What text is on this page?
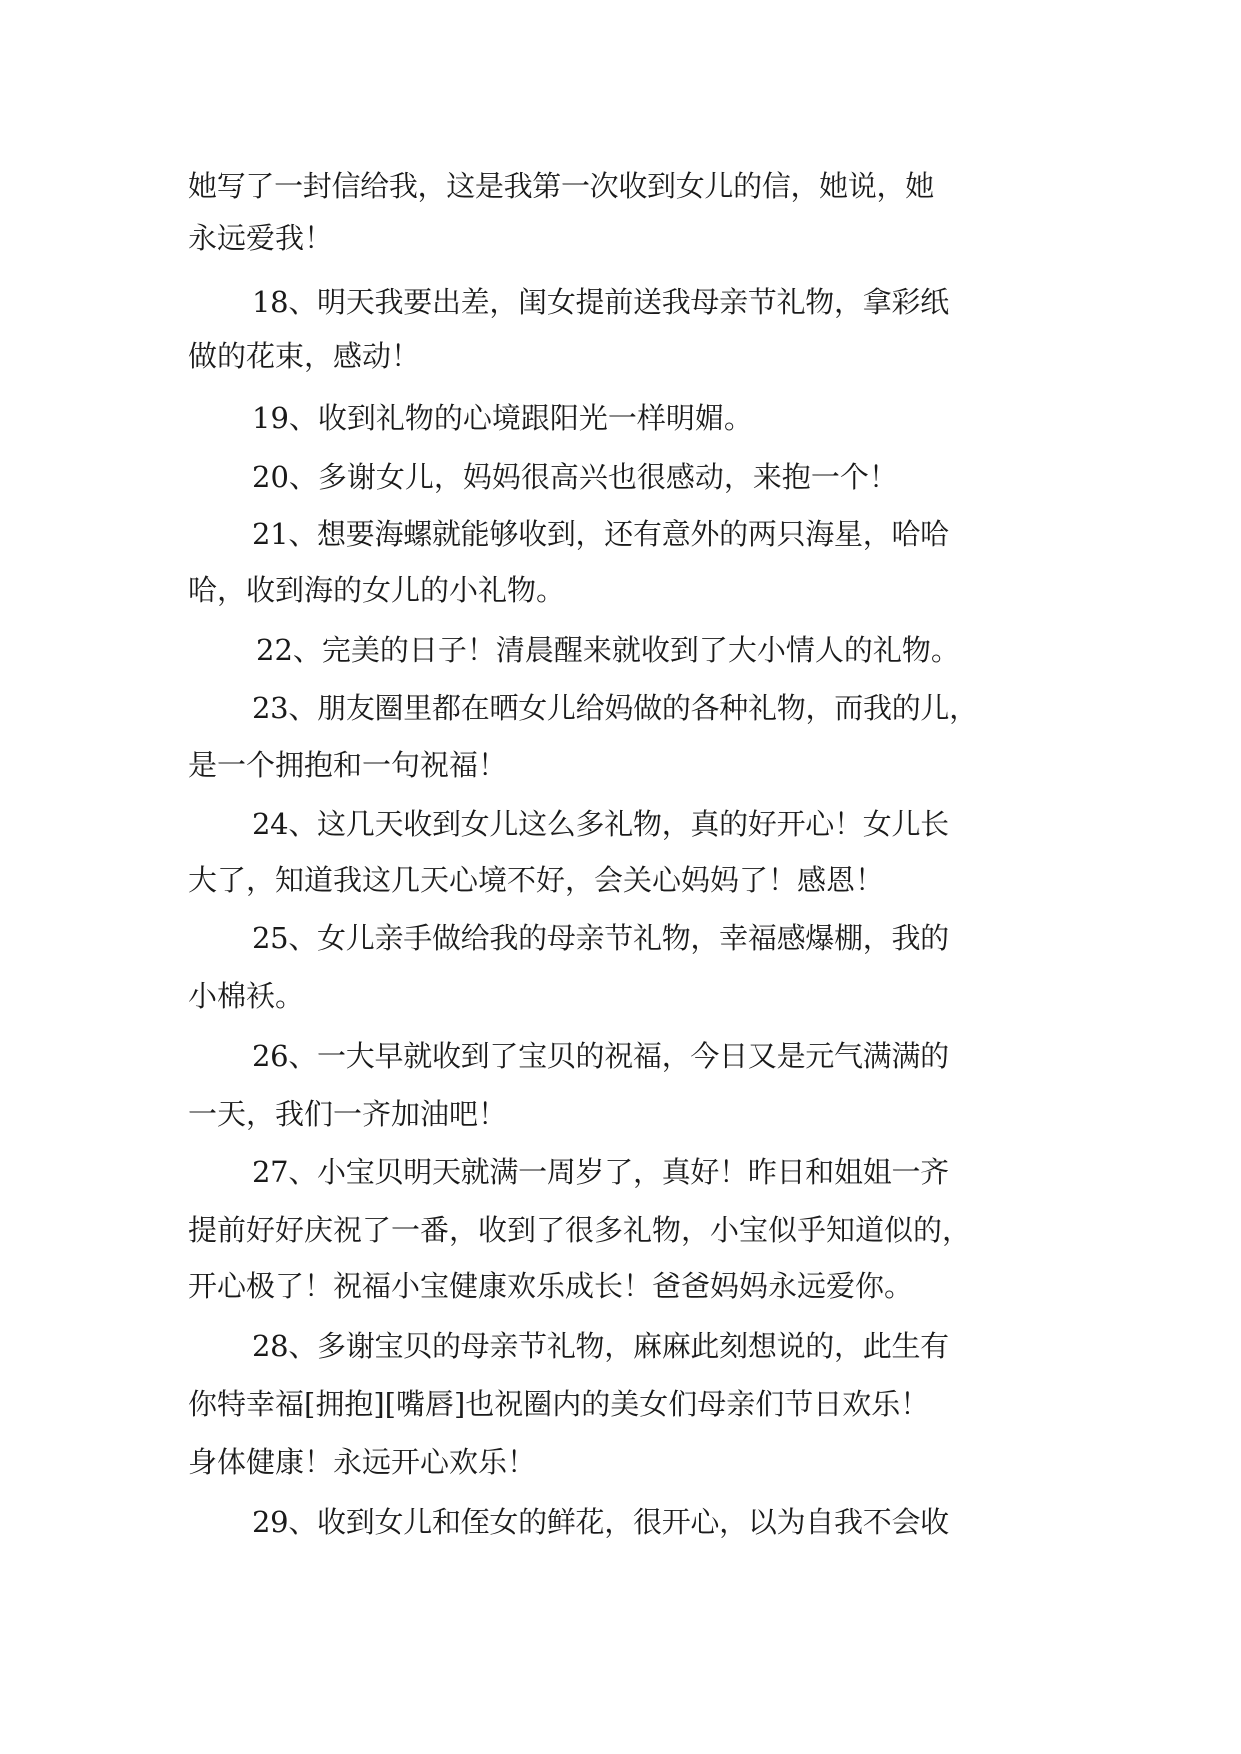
她写了一封信给我，这是我第一次收到女儿的信，她说，她
永远爱我！
18、明天我要出差，闺女提前送我母亲节礼物，拿彩纸
做的花束，感动！
19、收到礼物的心境跟阳光一样明媚。
20、多谢女儿，妈妈很高兴也很感动，来抱一个！
21、想要海螺就能够收到，还有意外的两只海星，哈哈
哈，收到海的女儿的小礼物。
22、完美的日子！清晨醒来就收到了大小情人的礼物。
23、朋友圈里都在晒女儿给妈做的各种礼物，而我的儿，
是一个拥抱和一句祝福！
24、这几天收到女儿这么多礼物，真的好开心！女儿长
大了，知道我这几天心境不好，会关心妈妈了！感恩！
25、女儿亲手做给我的母亲节礼物，幸福感爆棚，我的
小棉袄。
26、一大早就收到了宝贝的祝福，今日又是元气满满的
一天，我们一齐加油吧！
27、小宝贝明天就满一周岁了，真好！昨日和姐姐一齐
提前好好庆祝了一番，收到了很多礼物，小宝似乎知道似的，
开心极了！祝福小宝健康欢乐成长！爸爸妈妈永远爱你。
28、多谢宝贝的母亲节礼物，麻麻此刻想说的，此生有
你特幸福[拥抱][嘴唇]也祝圈内的美女们母亲们节日欢乐！
身体健康！永远开心欢乐！
29、收到女儿和侄女的鲜花，很开心，以为自我不会收
